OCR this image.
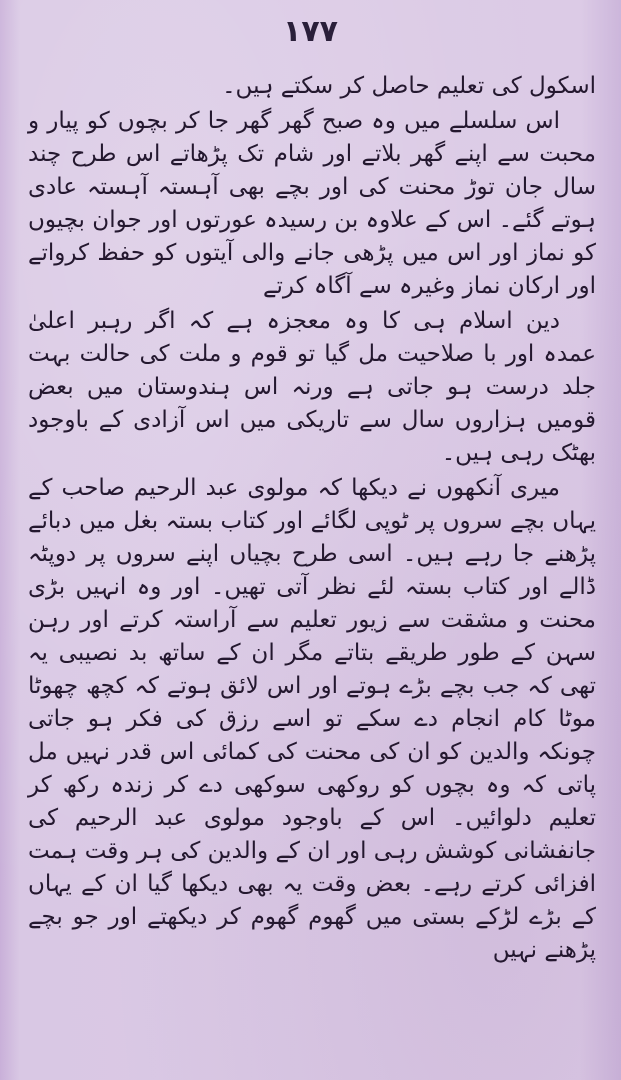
۱۷۷

اسکول کی تعلیم حاصل کر سکتے ہیں۔

اس سلسلے میں وہ صبح گھر گھر جا کر بچوں کو پیار و محبت سے اپنے گھر بلاتے اور شام تک پڑھاتے اس طرح چند سال جان توڑ محنت کی اور بچے بھی آہستہ آہستہ عادی ہوتے گئے۔ اس کے علاوہ بن رسیدہ عورتوں اور جوان بچیوں کو نماز اور اس میں پڑھی جانے والی آیتوں کو حفظ کرواتے اور ارکان نماز وغیرہ سے آگاہ کرتے

دین اسلام ہی کا وہ معجزہ ہے کہ اگر رہبر اعلیٰ عمدہ اور با صلاحیت مل گیا تو قوم و ملت کی حالت بہت جلد درست ہو جاتی ہے ورنہ اس ہندوستان میں بعض قومیں ہزاروں سال سے تاریکی میں اس آزادی کے باوجود بھٹک رہی ہیں۔

میری آنکھوں نے دیکھا کہ مولوی عبد الرحیم صاحب کے یہاں بچے سروں پر ٹوپی لگائے اور کتاب بستہ بغل میں دبائے پڑھنے جا رہے ہیں۔ اسی طرح بچیاں اپنے سروں پر دوپٹہ ڈالے اور کتاب بستہ لئے نظر آتی تھیں۔ اور وہ انہیں بڑی محنت و مشقت سے زیور تعلیم سے آراستہ کرتے اور رہن سہن کے طور طریقے بتاتے مگر ان کے ساتھ بد نصیبی یہ تھی کہ جب بچے بڑے ہوتے اور اس لائق ہوتے کہ کچھ چھوٹا موٹا کام انجام دے سکے تو اسے رزق کی فکر ہو جاتی چونکہ والدین کو ان کی محنت کی کمائی اس قدر نہیں مل پاتی کہ وہ بچوں کو روکھی سوکھی دے کر زندہ رکھ کر تعلیم دلوائیں۔ اس کے باوجود مولوی عبد الرحیم کی جانفشانی کوشش رہی اور ان کے والدین کی ہر وقت ہمت افزائی کرتے رہے۔ بعض وقت یہ بھی دیکھا گیا ان کے یہاں کے بڑے لڑکے بستی میں گھوم گھوم کر دیکھتے اور جو بچے پڑھنے نہیں
